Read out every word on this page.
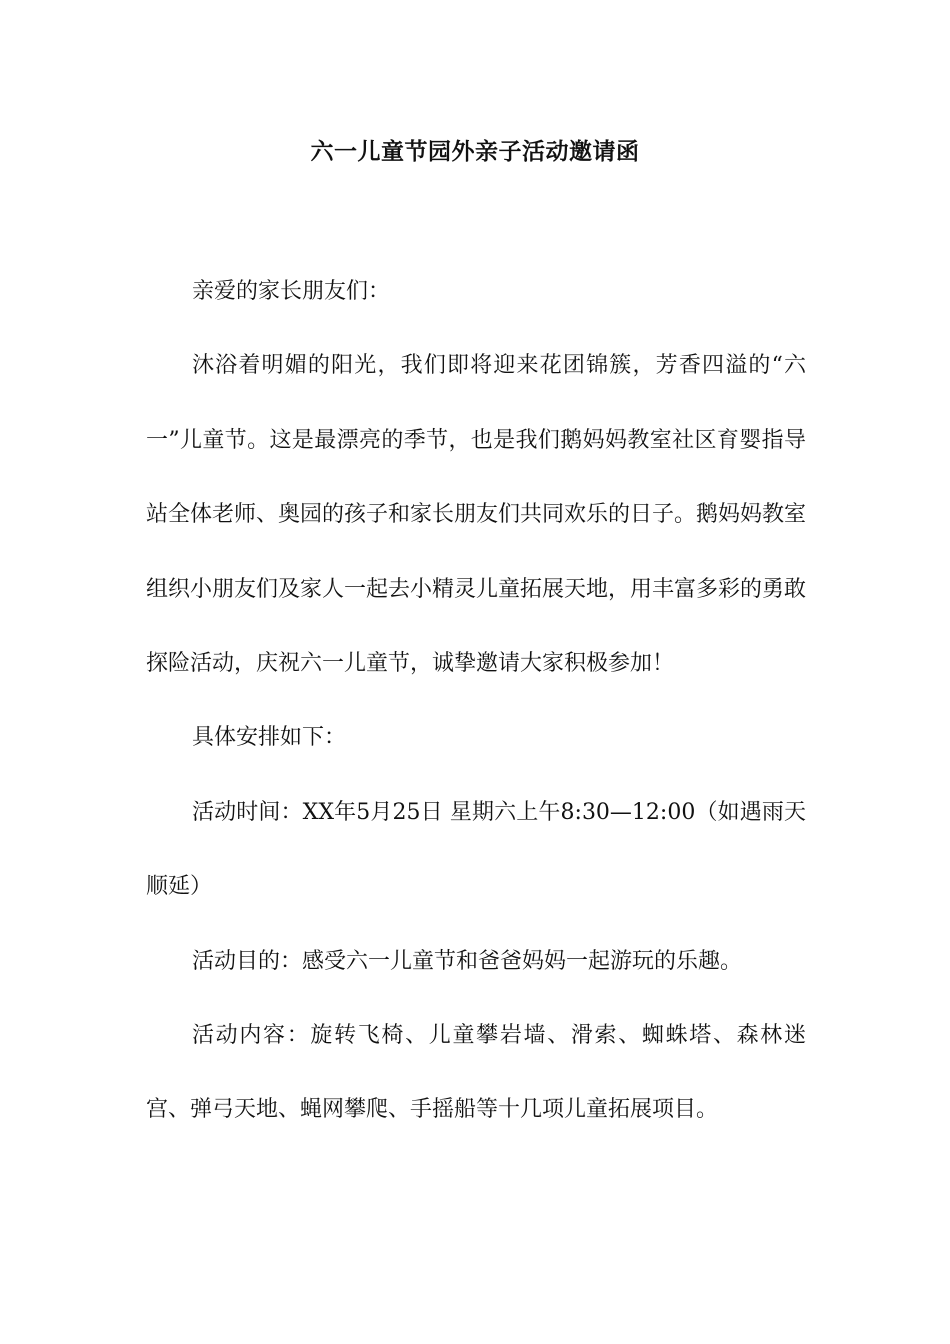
六一儿童节园外亲子活动邀请函

亲爱的家长朋友们：

沐浴着明媚的阳光，我们即将迎来花团锦簇，芳香四溢的“六一”儿童节。这是最漂亮的季节，也是我们鹅妈妈教室社区育婴指导站全体老师、奥园的孩子和家长朋友们共同欢乐的日子。鹅妈妈教室组织小朋友们及家人一起去小精灵儿童拓展天地，用丰富多彩的勇敢探险活动，庆祝六一儿童节，诚挚邀请大家积极参加！

具体安排如下：

活动时间：XX年5月25日 星期六上午8:30—12:00（如遇雨天顺延）

活动目的：感受六一儿童节和爸爸妈妈一起游玩的乐趣。

活动内容：旋转飞椅、儿童攀岩墙、滑索、蜘蛛塔、森林迷宫、弹弓天地、蝇网攀爬、手摇船等十几项儿童拓展项目。
